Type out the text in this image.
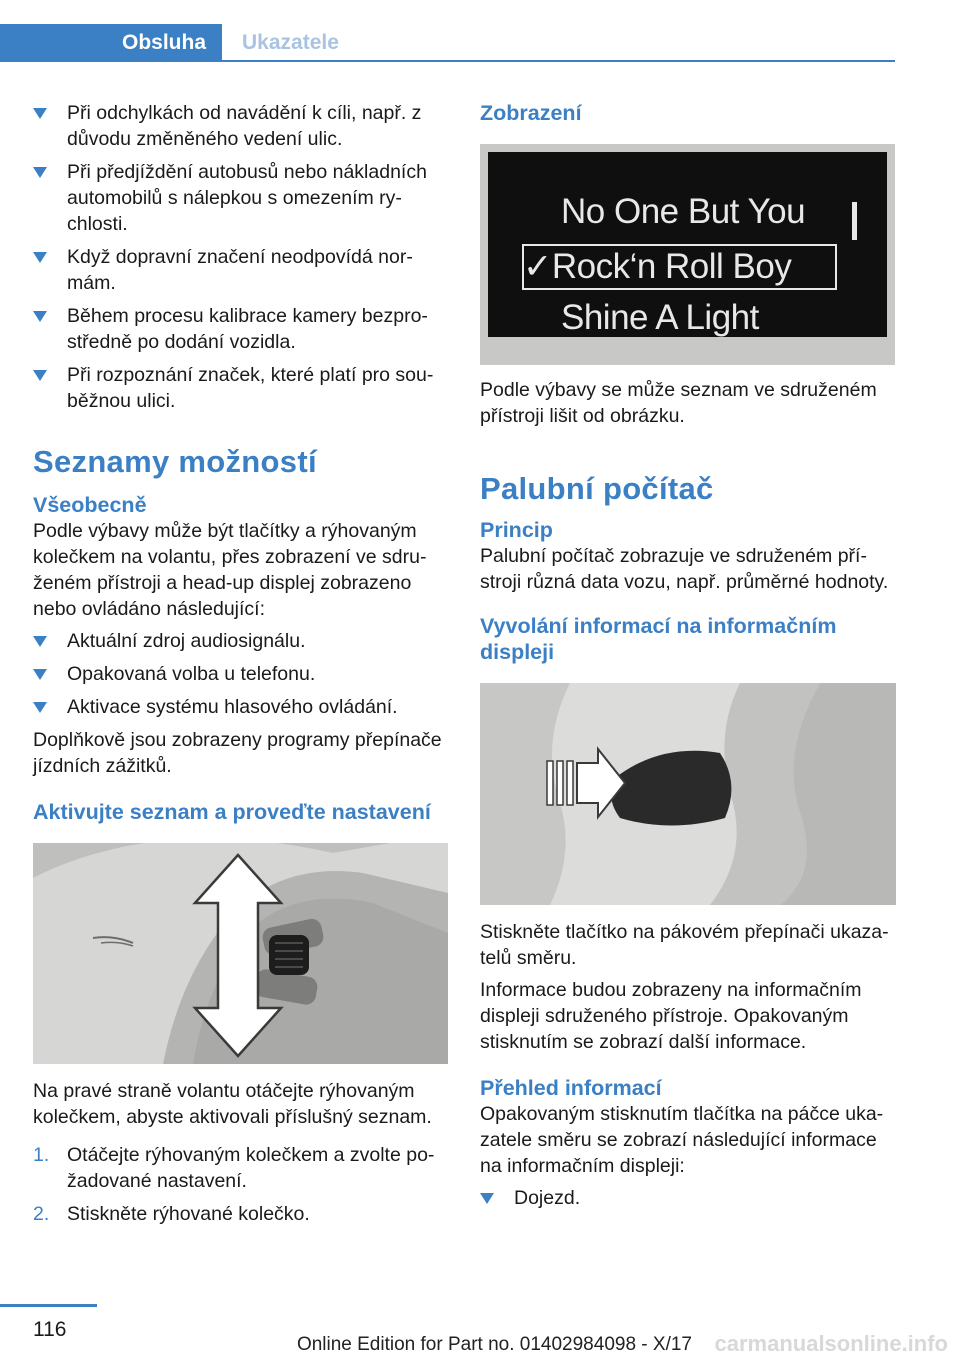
Obsluha	Ukazatele
Při odchylkách od navádění k cíli, např. z důvodu změněného vedení ulic.
Při předjíždění autobusů nebo nákladních automobilů s nálepkou s omezením ry‐chlosti.
Když dopravní značení neodpovídá nor‐mám.
Během procesu kalibrace kamery bezpro‐středně po dodání vozidla.
Při rozpoznání značek, které platí pro sou‐běžnou ulici.
Seznamy možností
Všeobecně

Podle výbavy může být tlačítky a rýhovaným kolečkem na volantu, přes zobrazení ve sdru‐ženém přístroji a head-up displej zobrazeno nebo ovládáno následující:

Aktuální zdroj audiosignálu.
Opakovaná volba u telefonu.
Aktivace systému hlasového ovládání.

Doplňkově jsou zobrazeny programy přepínače jízdních zážitků.

Aktivujte seznam a proveďte nastavení

Na pravé straně volantu otáčejte rýhovaným kolečkem, abyste aktivovali příslušný seznam.

1. Otáčejte rýhovaným kolečkem a zvolte po‐žadované nastavení.
2. Stiskněte rýhované kolečko.
Zobrazení
No One But You
✓Rock‘n Roll Boy
Shine A Light

Podle výbavy se může seznam ve sdruženém přístroji lišit od obrázku.

Palubní počítač
Princip

Palubní počítač zobrazuje ve sdruženém pří‐stroji různá data vozu, např. průměrné hodnoty.

Vyvolání informací na informačním displeji

Stiskněte tlačítko na pákovém přepínači ukaza‐telů směru.

Informace budou zobrazeny na informačním displeji sdruženého přístroje. Opakovaným stisknutím se zobrazí další informace.

Přehled informací

Opakovaným stisknutím tlačítka na páčce uka‐zatele směru se zobrazí následující informace na informačním displeji:

Dojezd.
116
Online Edition for Part no. 01402984098 - X/17 carmanualsonline.info
